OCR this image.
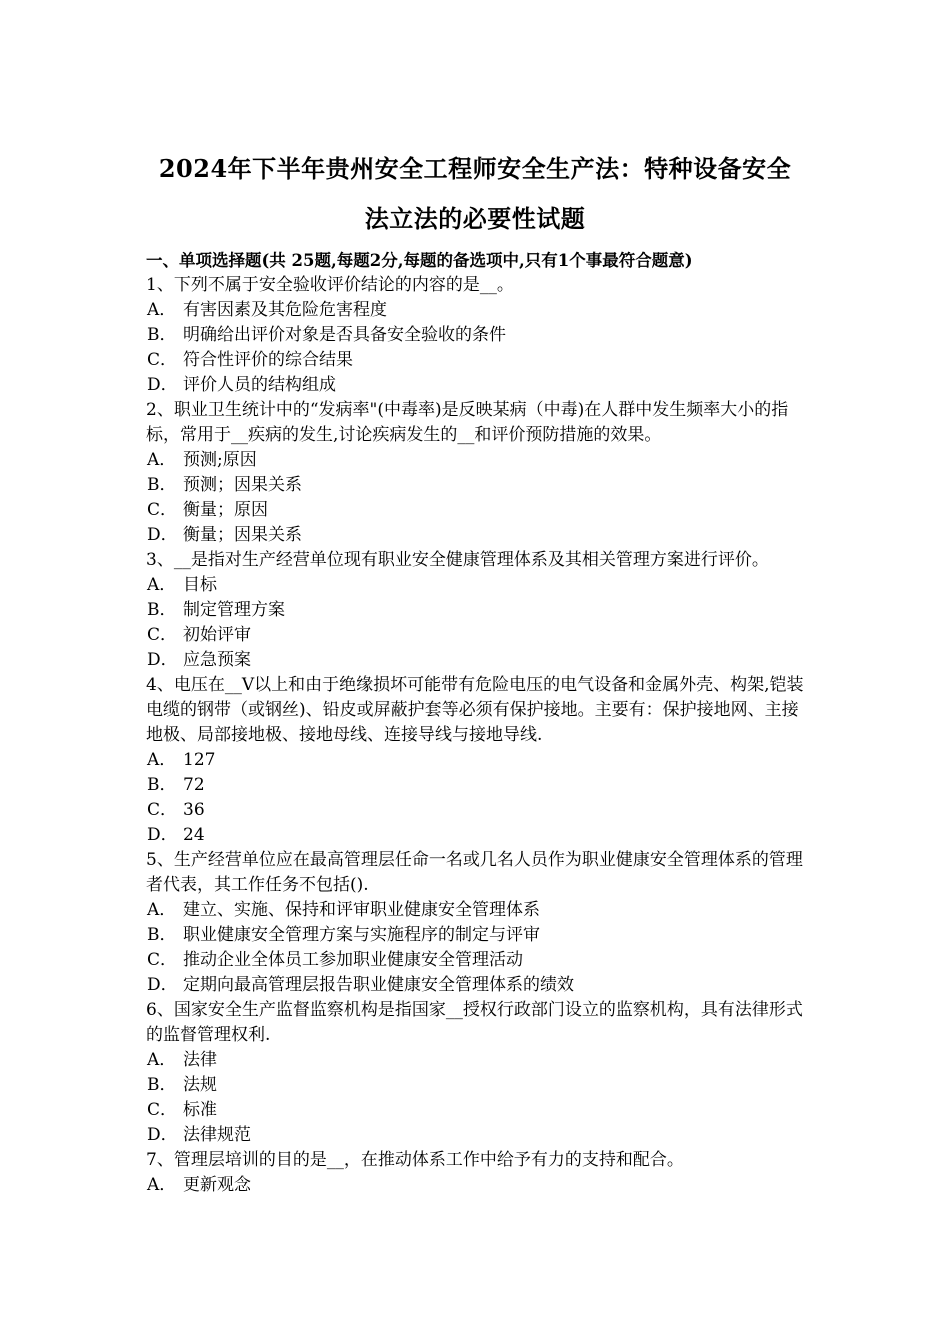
2024年下半年贵州安全工程师安全生产法：特种设备安全
法立法的必要性试题
一、单项选择题(共 25题,每题2分,每题的备选项中,只有1个事最符合题意)
1、下列不属于安全验收评价结论的内容的是__。
A． 有害因素及其危险危害程度
B． 明确给出评价对象是否具备安全验收的条件
C． 符合性评价的综合结果
D． 评价人员的结构组成
2、职业卫生统计中的“发病率"(中毒率)是反映某病（中毒)在人群中发生频率大小的指标，常用于__疾病的发生,讨论疾病发生的__和评价预防措施的效果。
A． 预测;原因
B． 预测；因果关系
C． 衡量；原因
D． 衡量；因果关系
3、__是指对生产经营单位现有职业安全健康管理体系及其相关管理方案进行评价。
A． 目标
B． 制定管理方案
C． 初始评审
D． 应急预案
4、电压在__V以上和由于绝缘损坏可能带有危险电压的电气设备和金属外壳、构架,铠装电缆的钢带（或钢丝)、铅皮或屏蔽护套等必须有保护接地。主要有：保护接地网、主接地极、局部接地极、接地母线、连接导线与接地导线.
A． 127
B． 72
C． 36
D． 24
5、生产经营单位应在最高管理层任命一名或几名人员作为职业健康安全管理体系的管理者代表，其工作任务不包括().
A． 建立、实施、保持和评审职业健康安全管理体系
B． 职业健康安全管理方案与实施程序的制定与评审
C． 推动企业全体员工参加职业健康安全管理活动
D． 定期向最高管理层报告职业健康安全管理体系的绩效
6、国家安全生产监督监察机构是指国家__授权行政部门设立的监察机构，具有法律形式的监督管理权利.
A． 法律
B． 法规
C． 标准
D． 法律规范
7、管理层培训的目的是__，在推动体系工作中给予有力的支持和配合。
A． 更新观念
